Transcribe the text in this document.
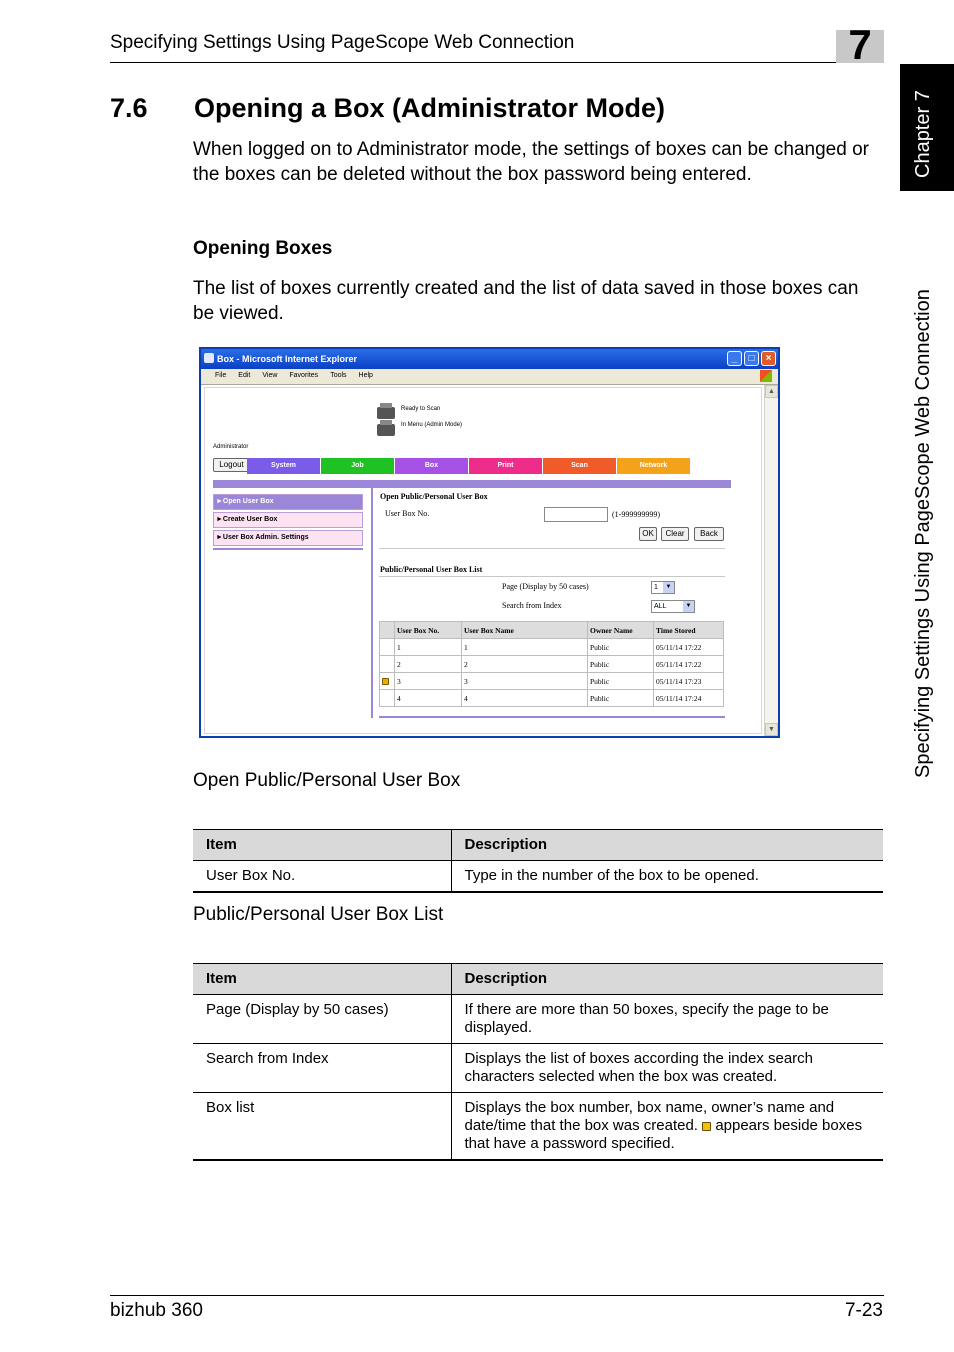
Specifying Settings Using PageScope Web Connection	7
Chapter 7
Specifying Settings Using PageScope Web Connection
7.6 Opening a Box (Administrator Mode)
When logged on to Administrator mode, the settings of boxes can be changed or the boxes can be deleted without the box password being entered.
Opening Boxes
The list of boxes currently created and the list of data saved in those boxes can be viewed.
Box - Microsoft Internet Explorer	_	□	×
File Edit View Favorites Tools Help
▲
▼
Ready to Scan
In Menu (Admin Mode)
Administrator
Logout	System	Job	Box	Print	Scan	Network
►Open User Box
►Create User Box
►User Box Admin. Settings
Open Public/Personal User Box
User Box No.	(1-999999999)
OK	Clear	Back
Public/Personal User Box List
Page (Display by 50 cases)	1	▼
Search from Index	ALL	▼
	User Box No.	User Box Name	Owner Name	Time Stored
	1	1	Public	05/11/14 17:22
	2	2	Public	05/11/14 17:22
	3	3	Public	05/11/14 17:23
	4	4	Public	05/11/14 17:24
Open Public/Personal User Box
Item	Description
User Box No.	Type in the number of the box to be opened.
Public/Personal User Box List
Item	Description
Page (Display by 50 cases)	If there are more than 50 boxes, specify the page to be displayed.
Search from Index	Displays the list of boxes according the index search characters selected when the box was created.
Box list	Displays the box number, box name, owner’s name and date/time that the box was created. appears beside boxes that have a password specified.
bizhub 360	7-23
